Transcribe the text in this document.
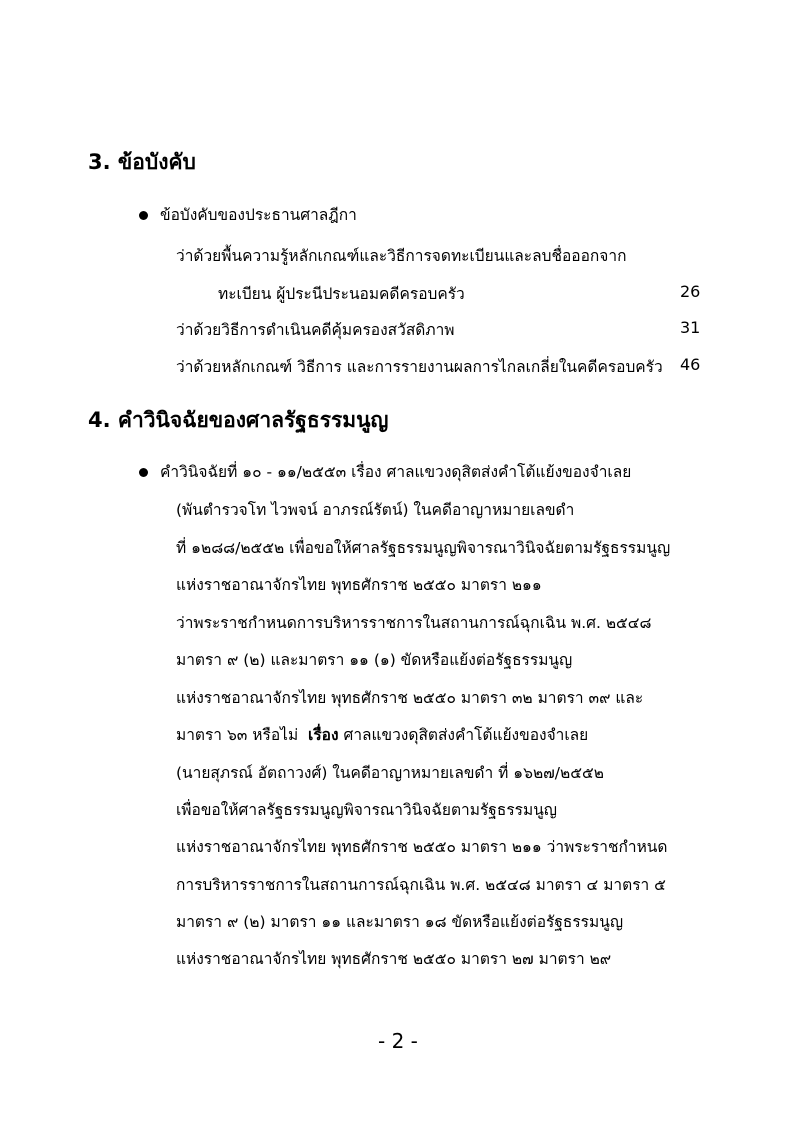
3. ข้อบังคับ
ข้อบังคับของประธานศาลฎีกา
ว่าด้วยพื้นความรู้หลักเกณฑ์และวิธีการจดทะเบียนและลบชื่อออกจาก
ทะเบียน ผู้ประนีประนอมคดีครอบครัว	26
ว่าด้วยวิธีการดำเนินคดีคุ้มครองสวัสดิภาพ	31
ว่าด้วยหลักเกณฑ์ วิธีการ และการรายงานผลการไกลเกลี่ยในคดีครอบครัว 46
4. คำวินิจฉัยของศาลรัฐธรรมนูญ
คำวินิจฉัยที่ ๑๐ - ๑๑/๒๕๕๓ เรื่อง ศาลแขวงดุสิตส่งคำโต้แย้งของจำเลย
(พันตำรวจโท ไวพจน์ อาภรณ์รัตน์) ในคดีอาญาหมายเลขดำ
ที่ ๑๒๘๘/๒๕๕๒ เพื่อขอให้ศาลรัฐธรรมนูญพิจารณาวินิจฉัยตามรัฐธรรมนูญ
แห่งราชอาณาจักรไทย พุทธศักราช ๒๕๕๐ มาตรา ๒๑๑
ว่าพระราชกำหนดการบริหารราชการในสถานการณ์ฉุกเฉิน พ.ศ. ๒๕๔๘
มาตรา ๙ (๒) และมาตรา ๑๑ (๑) ขัดหรือแย้งต่อรัฐธรรมนูญ
แห่งราชอาณาจักรไทย พุทธศักราช ๒๕๕๐ มาตรา ๓๒ มาตรา ๓๙ และ
มาตรา ๖๓ หรือไม่  เรื่อง ศาลแขวงดุสิตส่งคำโต้แย้งของจำเลย
(นายสุภรณ์ อัตถาวงศ์) ในคดีอาญาหมายเลขดำ ที่ ๑๖๒๗/๒๕๕๒
เพื่อขอให้ศาลรัฐธรรมนูญพิจารณาวินิจฉัยตามรัฐธรรมนูญ
แห่งราชอาณาจักรไทย พุทธศักราช ๒๕๕๐ มาตรา ๒๑๑ ว่าพระราชกำหนด
การบริหารราชการในสถานการณ์ฉุกเฉิน พ.ศ. ๒๕๔๘ มาตรา ๔ มาตรา ๕
มาตรา ๙ (๒) มาตรา ๑๑ และมาตรา ๑๘ ขัดหรือแย้งต่อรัฐธรรมนูญ
แห่งราชอาณาจักรไทย พุทธศักราช ๒๕๕๐ มาตรา ๒๗ มาตรา ๒๙
- 2 -
